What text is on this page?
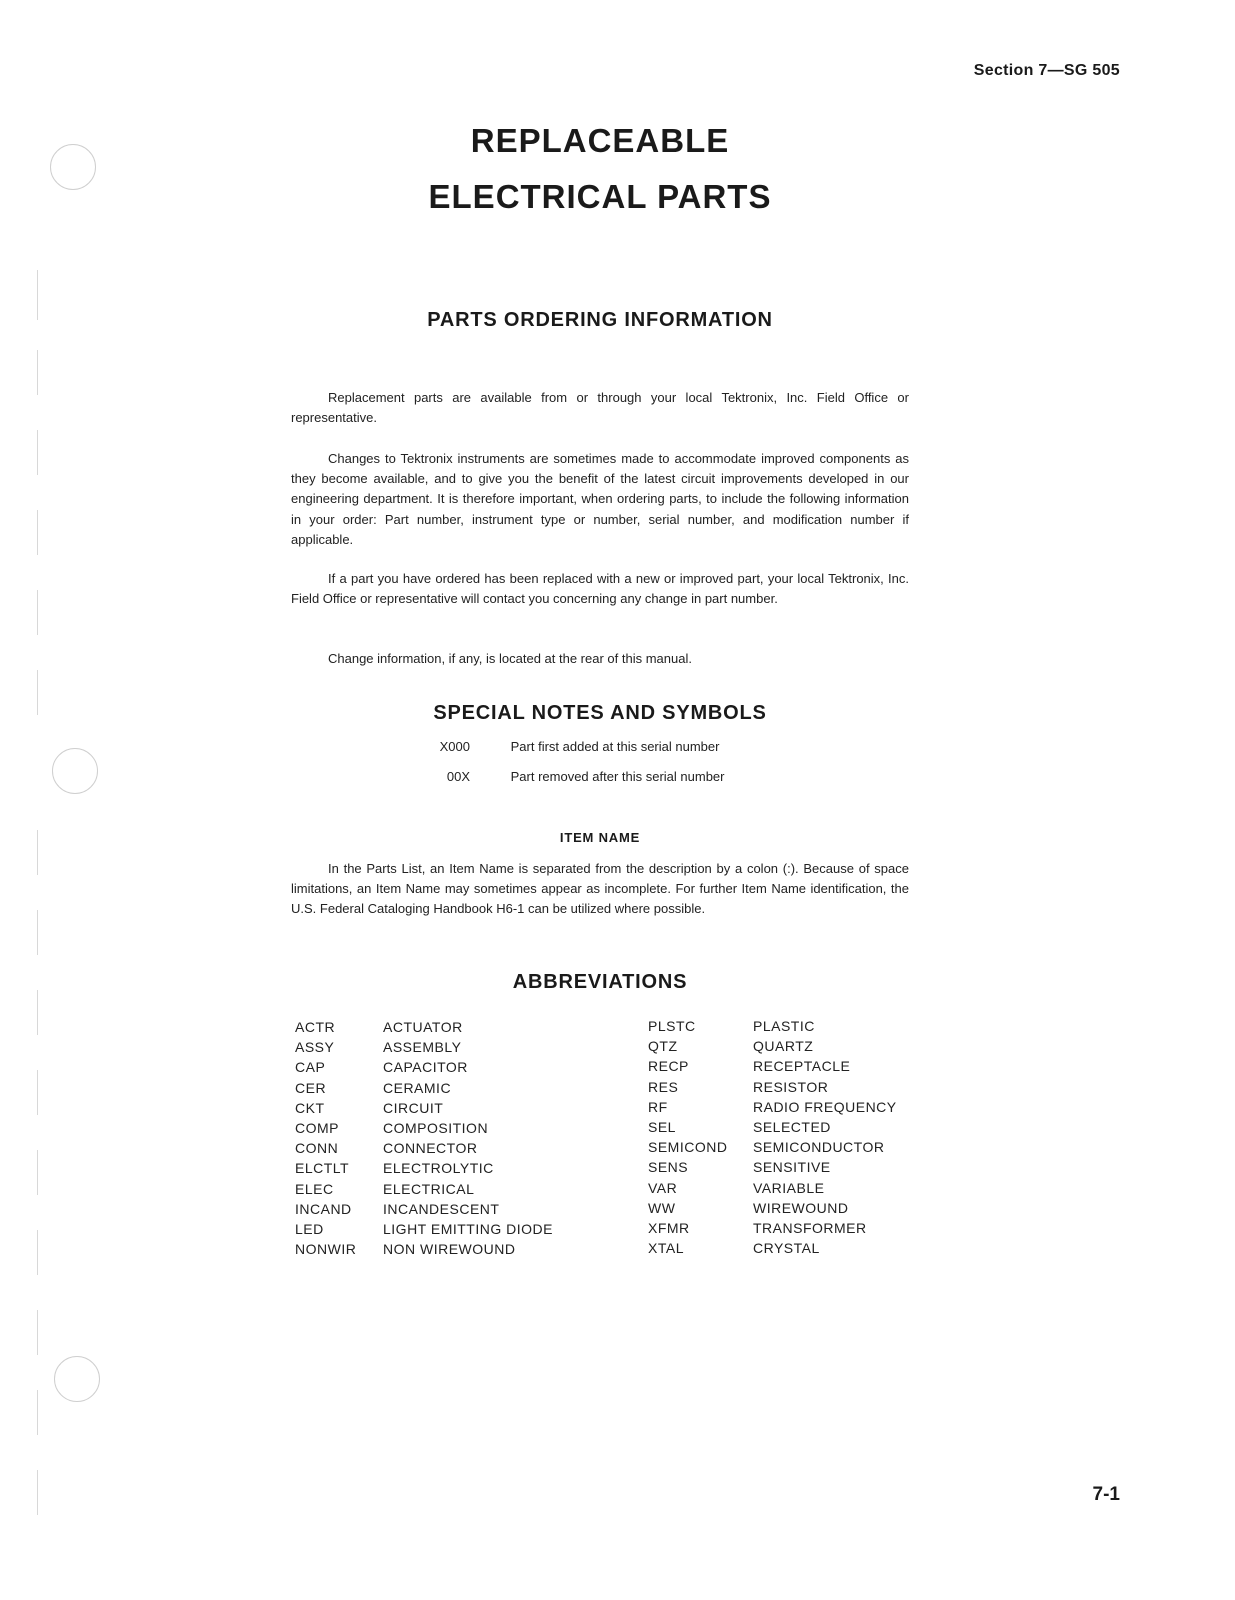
Section 7—SG 505
REPLACEABLE
ELECTRICAL PARTS
PARTS ORDERING INFORMATION
Replacement parts are available from or through your local Tektronix, Inc. Field Office or representative.
Changes to Tektronix instruments are sometimes made to accommodate improved components as they become available, and to give you the benefit of the latest circuit improvements developed in our engineering department. It is therefore important, when ordering parts, to include the following information in your order: Part number, instrument type or number, serial number, and modification number if applicable.
If a part you have ordered has been replaced with a new or improved part, your local Tektronix, Inc. Field Office or representative will contact you concerning any change in part number.
Change information, if any, is located at the rear of this manual.
SPECIAL NOTES AND SYMBOLS
X000	Part first added at this serial number
00X	Part removed after this serial number
ITEM NAME
In the Parts List, an Item Name is separated from the description by a colon (:). Because of space limitations, an Item Name may sometimes appear as incomplete. For further Item Name identification, the U.S. Federal Cataloging Handbook H6-1 can be utilized where possible.
ABBREVIATIONS
ACTR	ACTUATOR
ASSY	ASSEMBLY
CAP	CAPACITOR
CER	CERAMIC
CKT	CIRCUIT
COMP	COMPOSITION
CONN	CONNECTOR
ELCTLT	ELECTROLYTIC
ELEC	ELECTRICAL
INCAND	INCANDESCENT
LED	LIGHT EMITTING DIODE
NONWIR	NON WIREWOUND
PLSTC	PLASTIC
QTZ	QUARTZ
RECP	RECEPTACLE
RES	RESISTOR
RF	RADIO FREQUENCY
SEL	SELECTED
SEMICOND	SEMICONDUCTOR
SENS	SENSITIVE
VAR	VARIABLE
WW	WIREWOUND
XFMR	TRANSFORMER
XTAL	CRYSTAL
7-1
